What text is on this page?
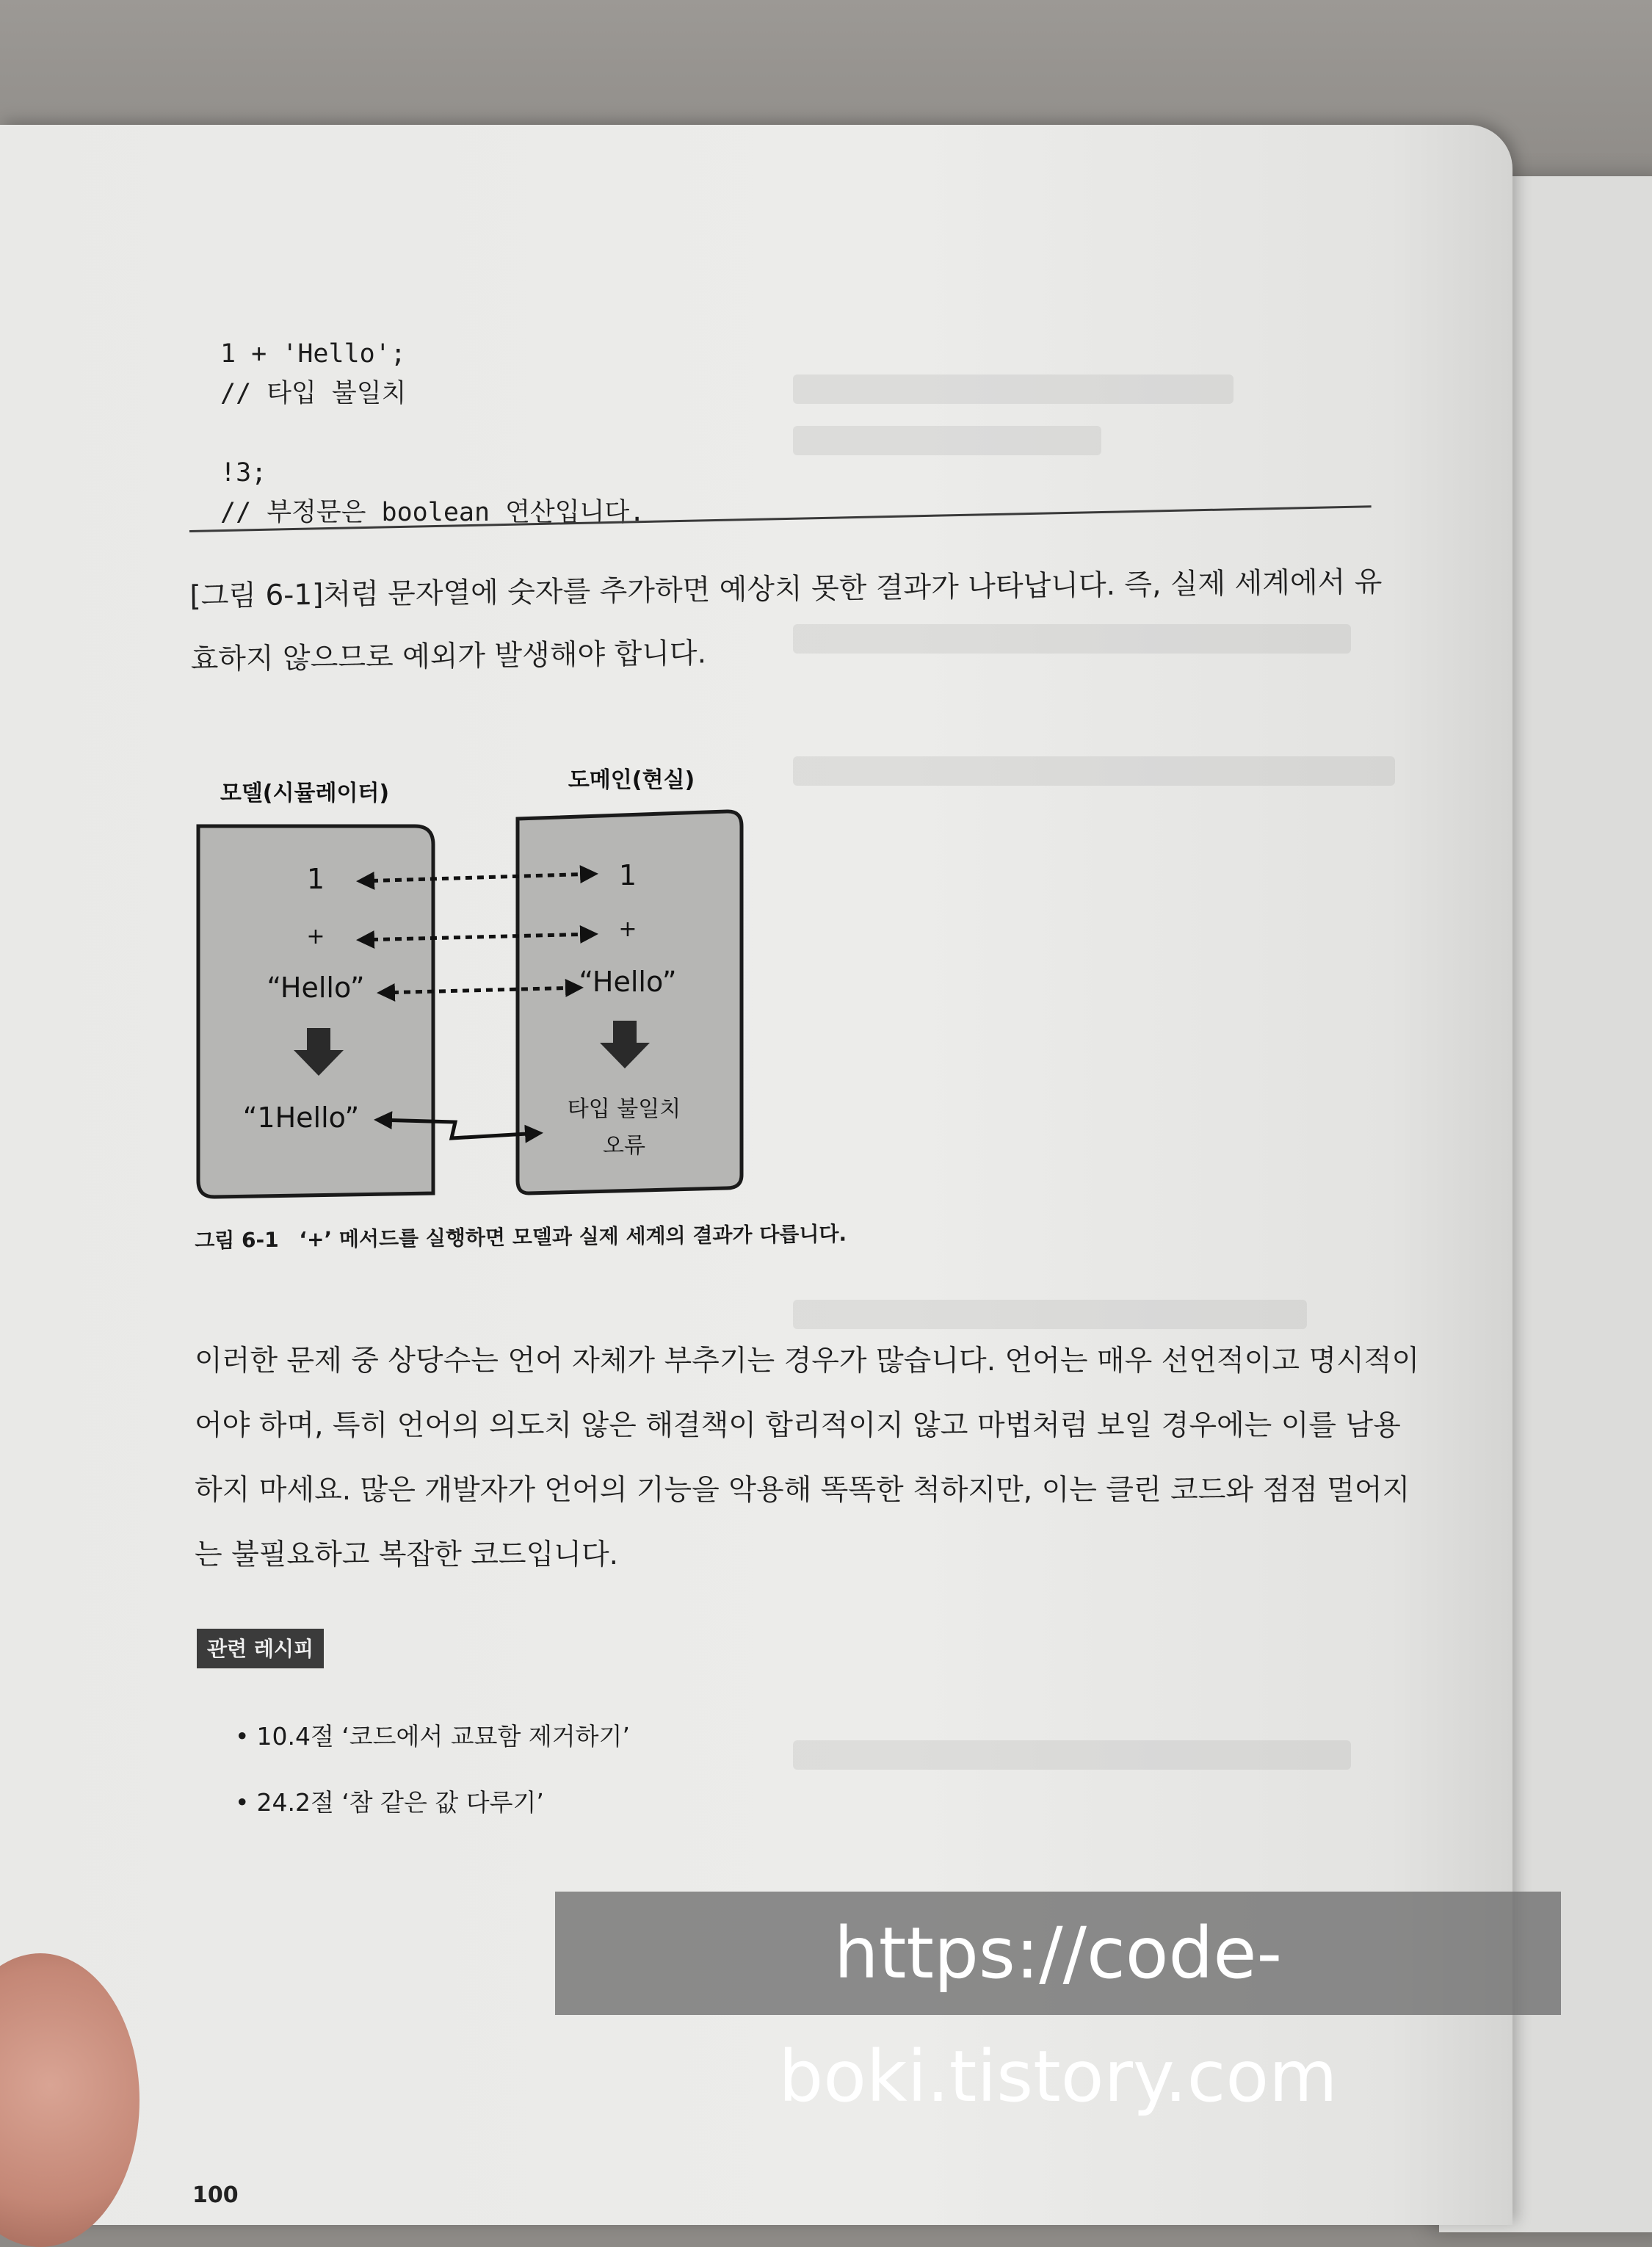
1 + 'Hello';
// 타입 불일치

!3;
// 부정문은 boolean 연산입니다.

[그림 6-1]처럼 문자열에 숫자를 추가하면 예상치 못한 결과가 나타납니다. 즉, 실제 세계에서 유효하지 않으므로 예외가 발생해야 합니다.

모델(시뮬레이터)
도메인(현실)
1
+
“Hello”
“1Hello”
1
+
“Hello”
타입 불일치
오류
그림 6-1 ‘+’ 메서드를 실행하면 모델과 실제 세계의 결과가 다릅니다.

이러한 문제 중 상당수는 언어 자체가 부추기는 경우가 많습니다. 언어는 매우 선언적이고 명시적이어야 하며, 특히 언어의 의도치 않은 해결책이 합리적이지 않고 마법처럼 보일 경우에는 이를 남용하지 마세요. 많은 개발자가 언어의 기능을 악용해 똑똑한 척하지만, 이는 클린 코드와 점점 멀어지는 불필요하고 복잡한 코드입니다.

관련 레시피
• 10.4절 ‘코드에서 교묘함 제거하기’
• 24.2절 ‘참 같은 값 다루기’
100
https://code-boki.tistory.com
